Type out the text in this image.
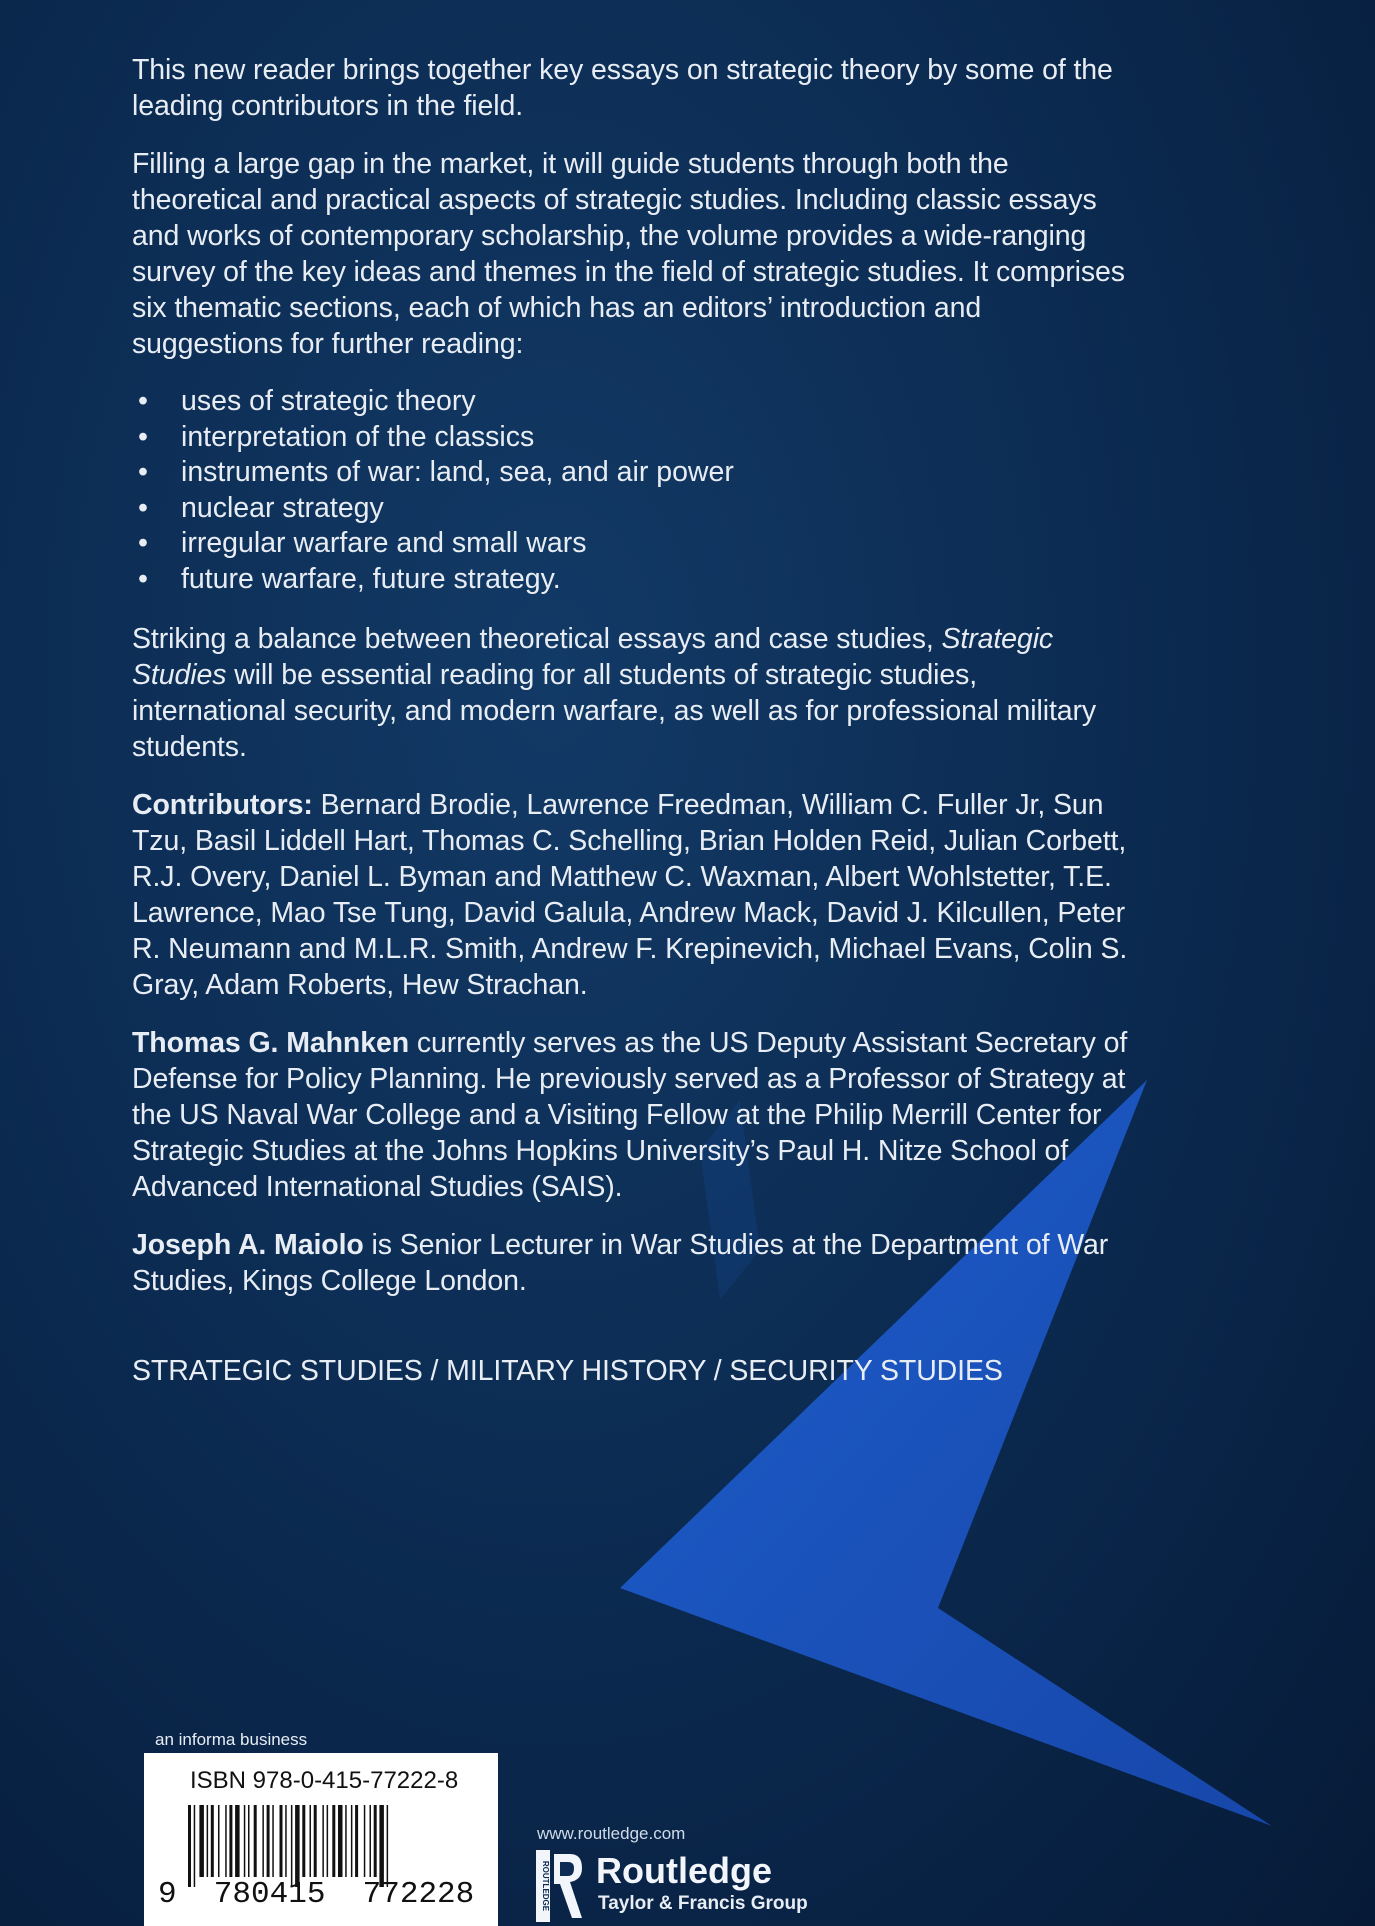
This new reader brings together key essays on strategic theory by some of the leading contributors in the field.

Filling a large gap in the market, it will guide students through both the theoretical and practical aspects of strategic studies. Including classic essays and works of contemporary scholarship, the volume provides a wide-ranging survey of the key ideas and themes in the field of strategic studies. It comprises six thematic sections, each of which has an editors’ introduction and suggestions for further reading:

• uses of strategic theory
• interpretation of the classics
• instruments of war: land, sea, and air power
• nuclear strategy
• irregular warfare and small wars
• future warfare, future strategy.

Striking a balance between theoretical essays and case studies, Strategic Studies will be essential reading for all students of strategic studies, international security, and modern warfare, as well as for professional military students.

Contributors: Bernard Brodie, Lawrence Freedman, William C. Fuller Jr, Sun Tzu, Basil Liddell Hart, Thomas C. Schelling, Brian Holden Reid, Julian Corbett, R.J. Overy, Daniel L. Byman and Matthew C. Waxman, Albert Wohlstetter, T.E. Lawrence, Mao Tse Tung, David Galula, Andrew Mack, David J. Kilcullen, Peter R. Neumann and M.L.R. Smith, Andrew F. Krepinevich, Michael Evans, Colin S. Gray, Adam Roberts, Hew Strachan.

Thomas G. Mahnken currently serves as the US Deputy Assistant Secretary of Defense for Policy Planning. He previously served as a Professor of Strategy at the US Naval War College and a Visiting Fellow at the Philip Merrill Center for Strategic Studies at the Johns Hopkins University’s Paul H. Nitze School of Advanced International Studies (SAIS).

Joseph A. Maiolo is Senior Lecturer in War Studies at the Department of War Studies, Kings College London.

STRATEGIC STUDIES / MILITARY HISTORY / SECURITY STUDIES

an informa business
ISBN 978-0-415-77222-8
9  780415  772228
www.routledge.com
ROUTLEDGE Routledge
Taylor & Francis Group
